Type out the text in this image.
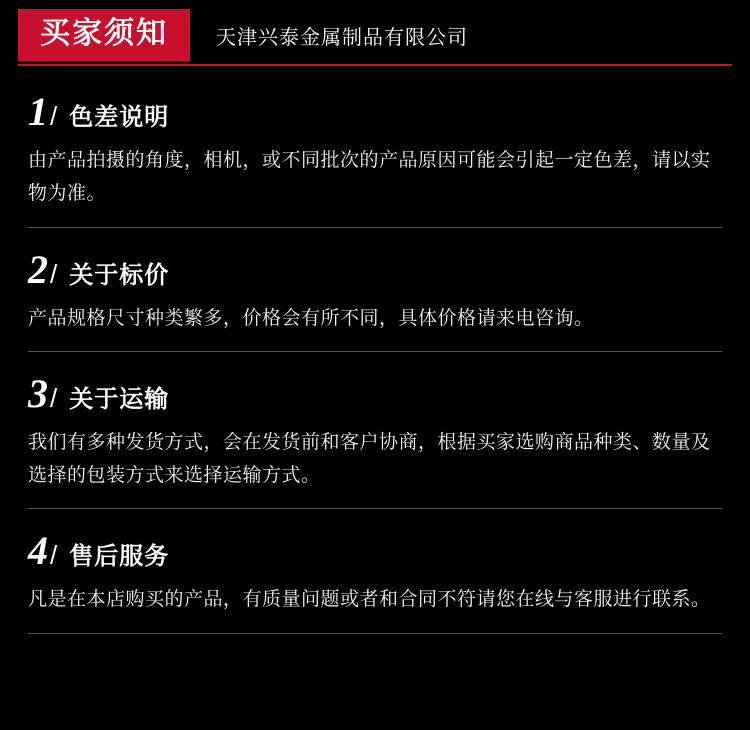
买家须知	天津兴泰金属制品有限公司
1 / 色差说明
由产品拍摄的角度，相机，或不同批次的产品原因可能会引起一定色差，请以实物为准。
2 / 关于标价
产品规格尺寸种类繁多，价格会有所不同，具体价格请来电咨询。
3 / 关于运输
我们有多种发货方式，会在发货前和客户协商，根据买家选购商品种类、数量及选择的包装方式来选择运输方式。
4 / 售后服务
凡是在本店购买的产品，有质量问题或者和合同不符请您在线与客服进行联系。
